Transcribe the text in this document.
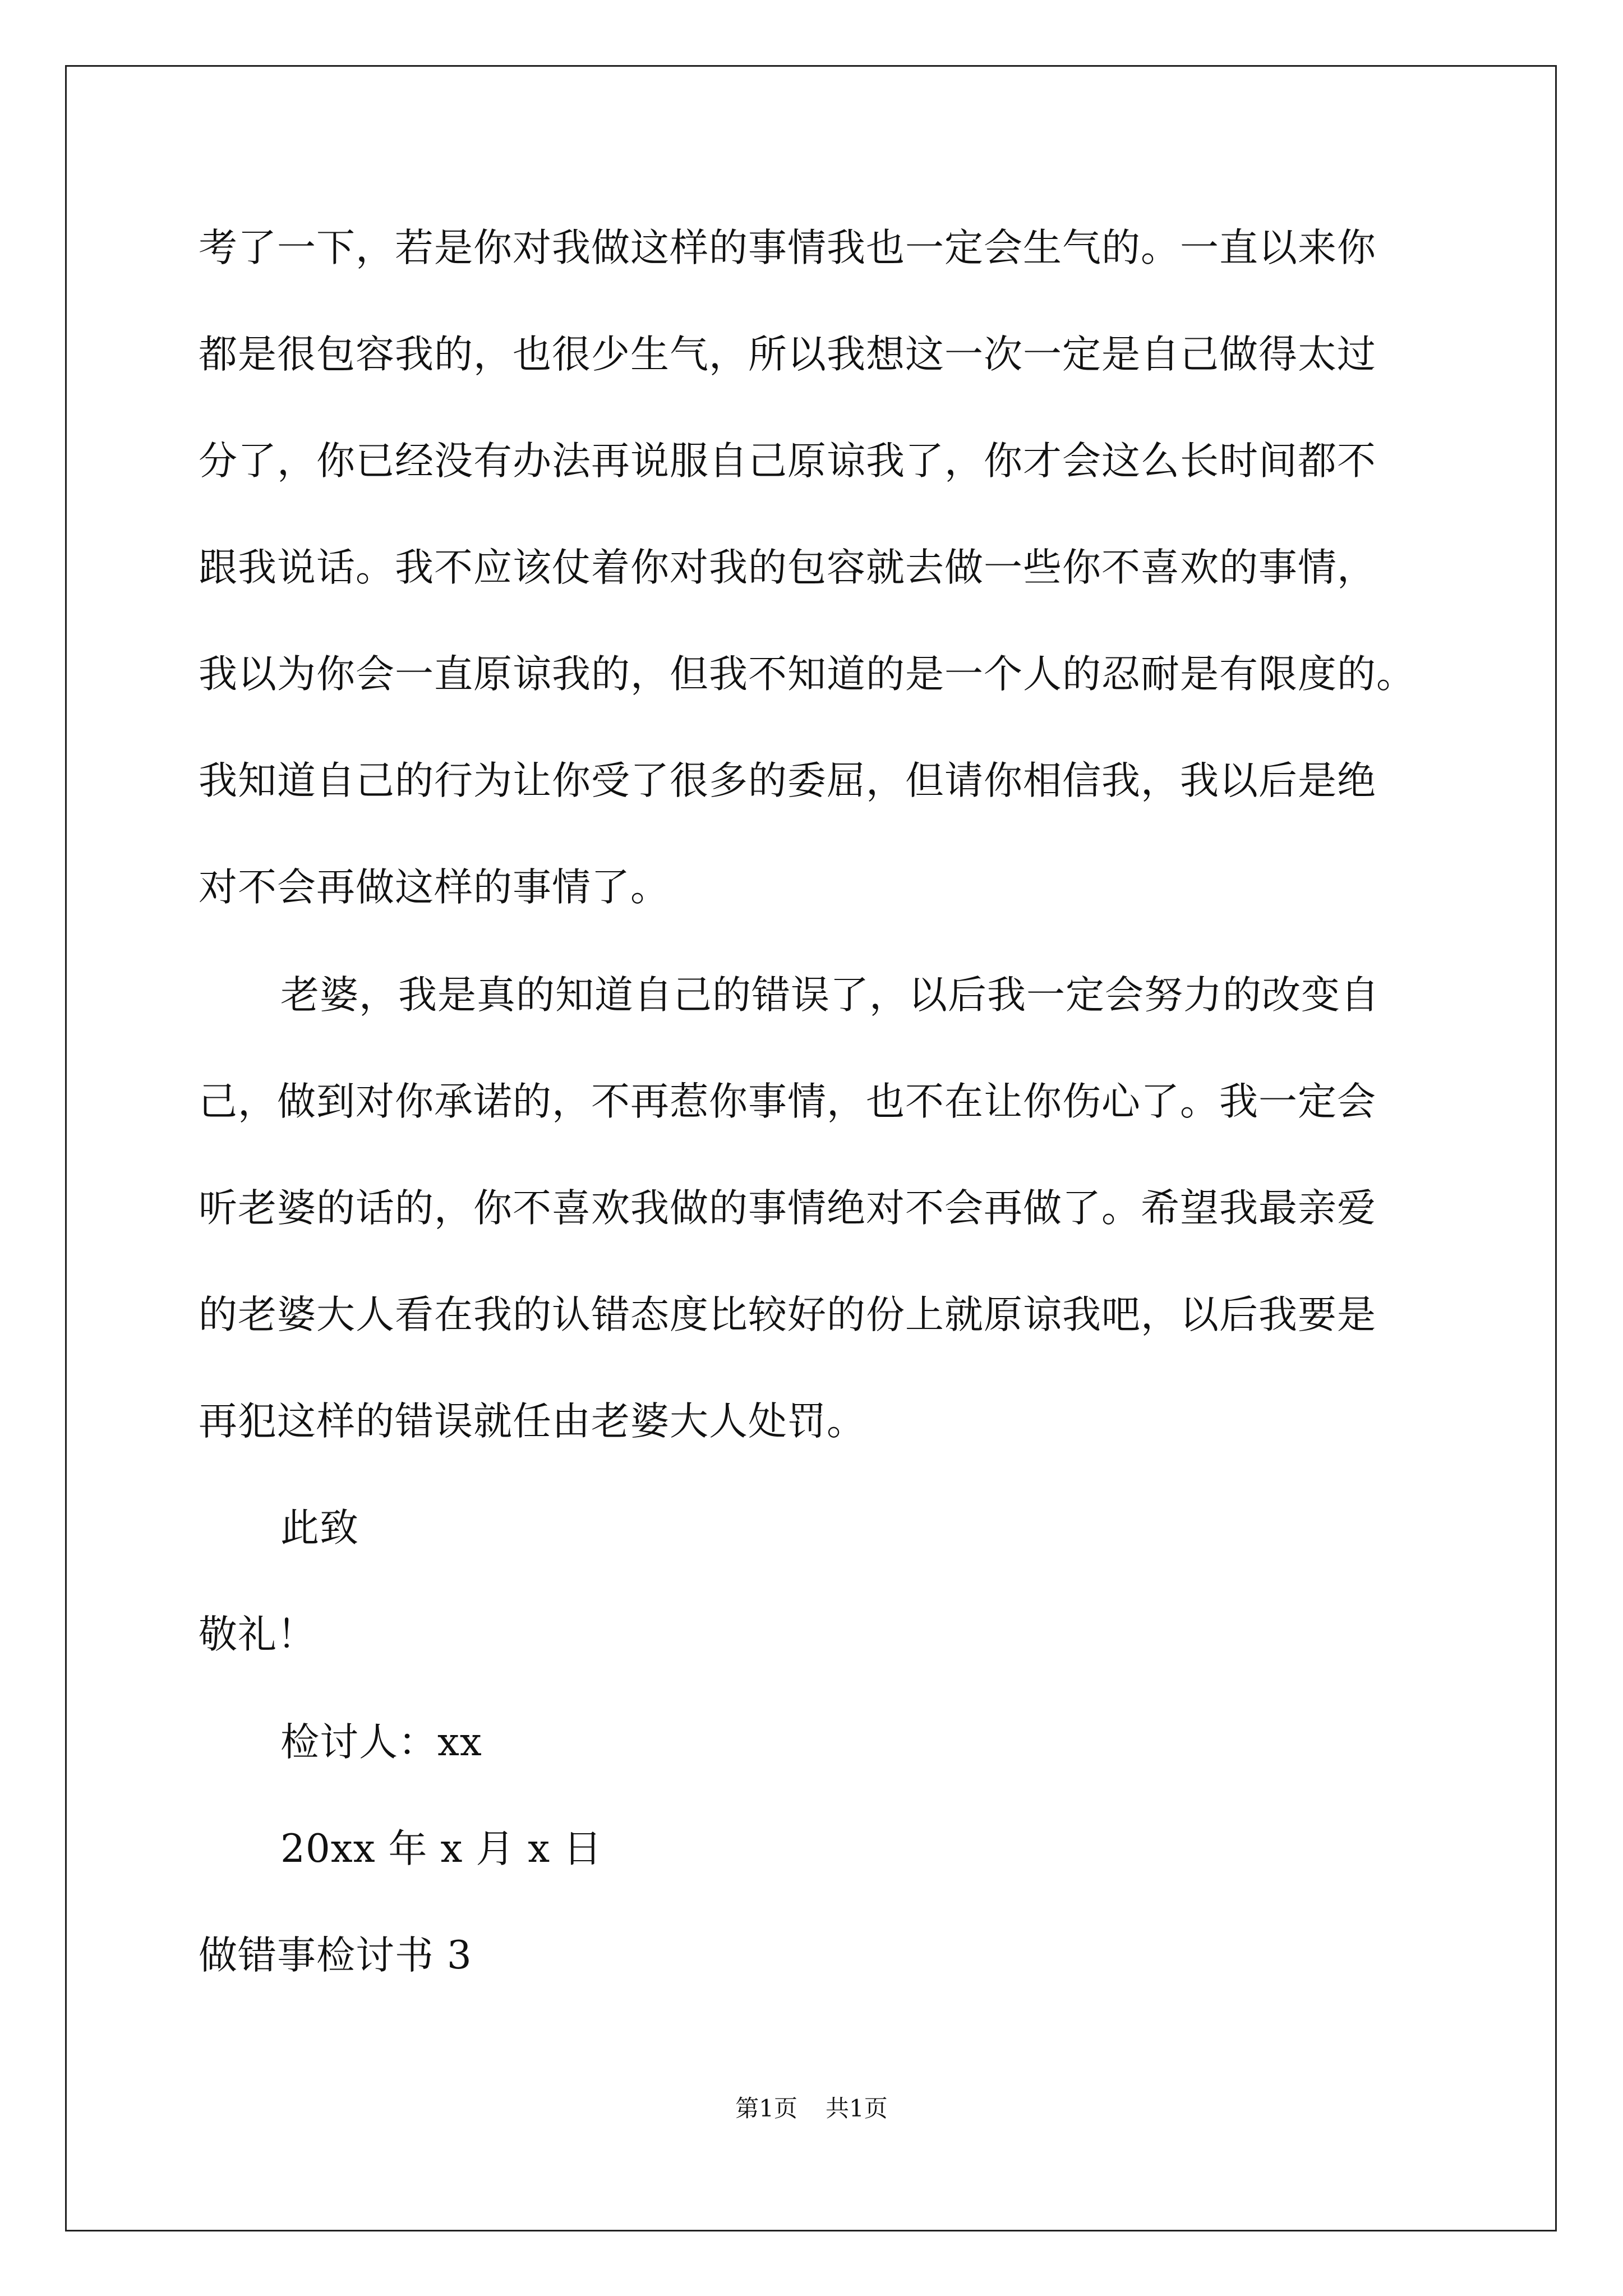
考了一下，若是你对我做这样的事情我也一定会生气的。一直以来你
都是很包容我的，也很少生气，所以我想这一次一定是自己做得太过
分了，你已经没有办法再说服自己原谅我了，你才会这么长时间都不
跟我说话。我不应该仗着你对我的包容就去做一些你不喜欢的事情，
我以为你会一直原谅我的，但我不知道的是一个人的忍耐是有限度的。
我知道自己的行为让你受了很多的委屈，但请你相信我，我以后是绝
对不会再做这样的事情了。
老婆，我是真的知道自己的错误了，以后我一定会努力的改变自
己，做到对你承诺的，不再惹你事情，也不在让你伤心了。我一定会
听老婆的话的，你不喜欢我做的事情绝对不会再做了。希望我最亲爱
的老婆大人看在我的认错态度比较好的份上就原谅我吧，以后我要是
再犯这样的错误就任由老婆大人处罚。
此致
敬礼！
检讨人：xx
20xx 年 x 月 x 日
做错事检讨书 3
第1页 共1页
